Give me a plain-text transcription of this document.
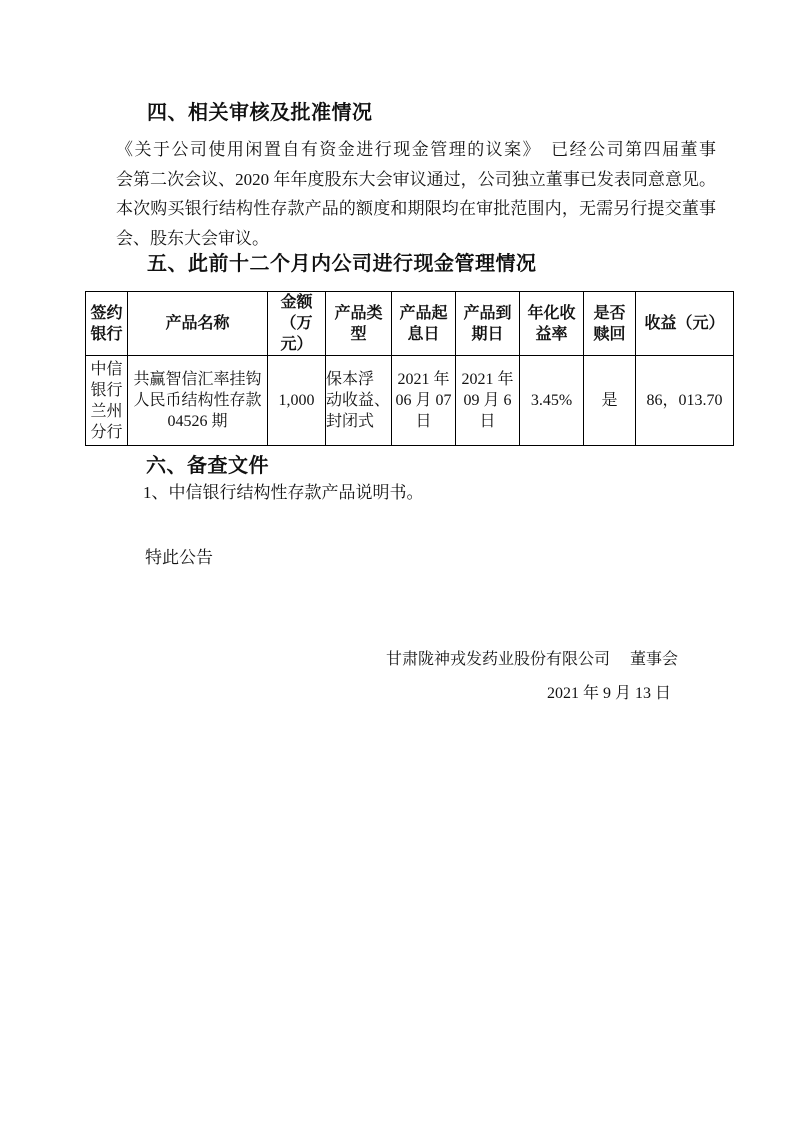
四、相关审核及批准情况
《关于公司使用闲置自有资金进行现金管理的议案》　已经公司第四届董事
会第二次会议、2020 年年度股东大会审议通过，公司独立董事已发表同意意见。
本次购买银行结构性存款产品的额度和期限均在审批范围内，无需另行提交董事
会、股东大会审议。
五、此前十二个月内公司进行现金管理情况
签约
银行	产品名称	金额
（万
元）	产品类
型	产品起
息日	产品到
期日	年化收
益率	是否
赎回	收益（元）
中信
银行
兰州
分行	共赢智信汇率挂钩
人民币结构性存款
04526 期	1,000	保本浮
动收益、
封闭式	2021 年
06 月 07
日	2021 年
09 月 6
日	3.45%	是	86，013.70
六、备查文件
1、中信银行结构性存款产品说明书。
特此公告
甘肃陇神戎发药业股份有限公司　 董事会
2021 年 9 月 13 日
